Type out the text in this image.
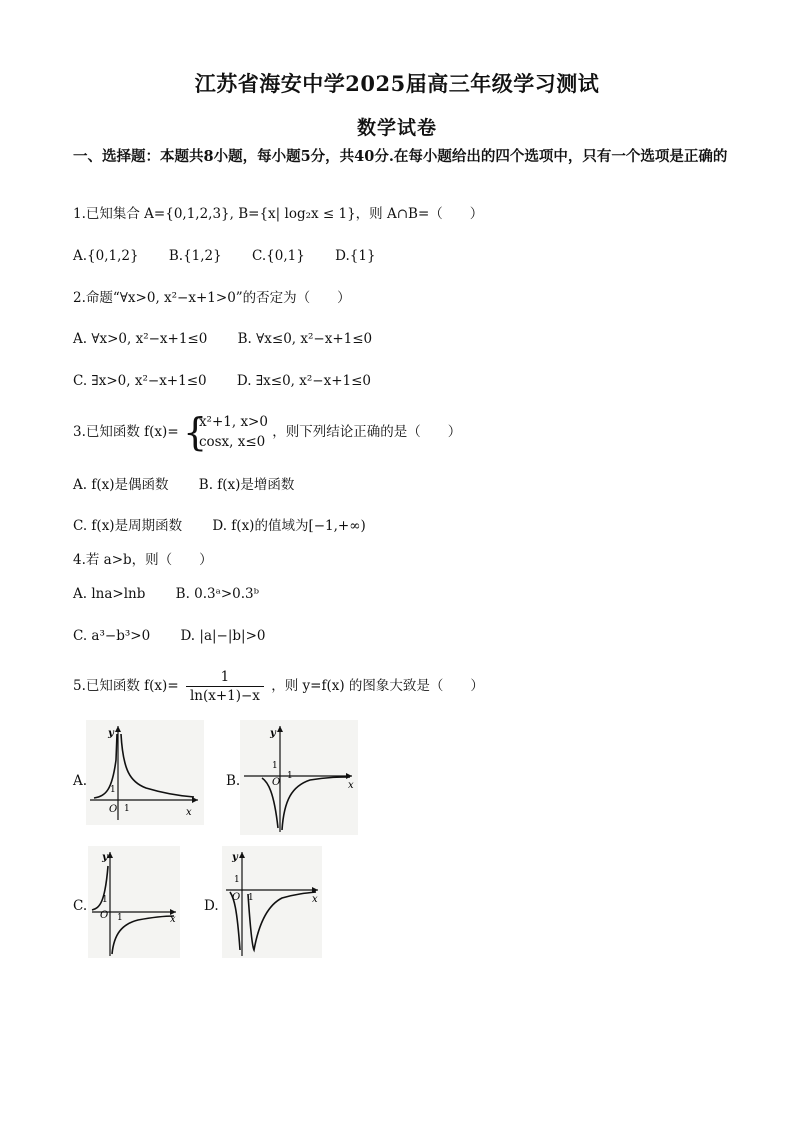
江苏省海安中学2025届高三年级学习测试
数学试卷
一、选择题：本题共8小题，每小题5分，共40分.在每小题给出的四个选项中，只有一个选项是正确的
1.已知集合 A={0,1,2,3}, B={x| log₂x ≤ 1}，则 A∩B=（　　）
A.{0,1,2} B.{1,2} C.{0,1} D.{1}
2.命题“∀x>0, x²−x+1>0”的否定为（　　）
A. ∀x>0, x²−x+1≤0 B. ∀x≤0, x²−x+1≤0
C. ∃x>0, x²−x+1≤0 D. ∃x≤0, x²−x+1≤0
3.已知函数 f(x)= {
x²+1, x>0
cosx, x≤0
，则下列结论正确的是（　　）
A. f(x)是偶函数 B. f(x)是增函数
C. f(x)是周期函数 D. f(x)的值域为[−1,+∞)
4.若 a>b，则（　　）
A. lna>lnb B. 0.3ᵃ>0.3ᵇ
C. a³−b³>0 D. |a|−|b|>0
5.已知函数 $f(x)= \frac{1}{\ln(x+1)-x}$ ，则 y=f(x) 的图象大致是（　　）
A.	B.
C.	D.
y
x
O 1
1
y
x
O
1
1
y
x
O 1
1
y
x
O 1
1
